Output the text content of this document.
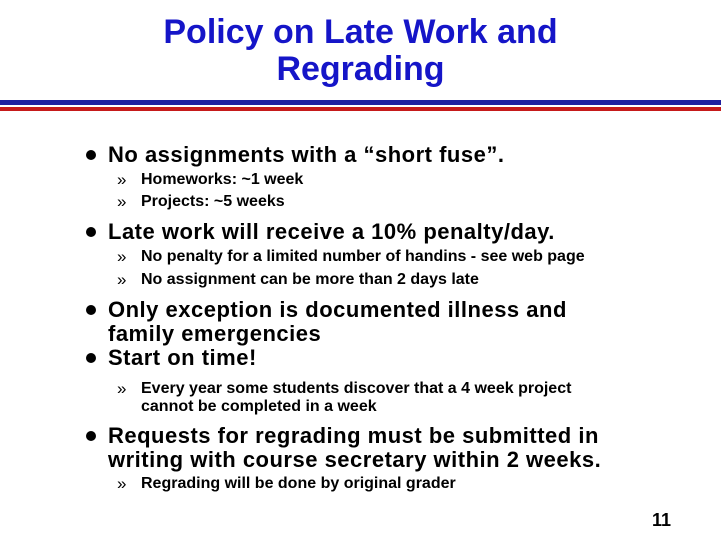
Policy on Late Work and
Regrading
No assignments with a “short fuse”.
» Homeworks: ~1 week
» Projects: ~5 weeks
Late work will receive a 10% penalty/day.
» No penalty for a limited number of handins - see web page
» No assignment can be more than 2 days late
Only exception is documented illness and
family emergencies
Start on time!
» Every year some students discover that a 4 week project
cannot be completed in a week
Requests for regrading must be submitted in
writing with course secretary within 2 weeks.
» Regrading will be done by original grader
11
